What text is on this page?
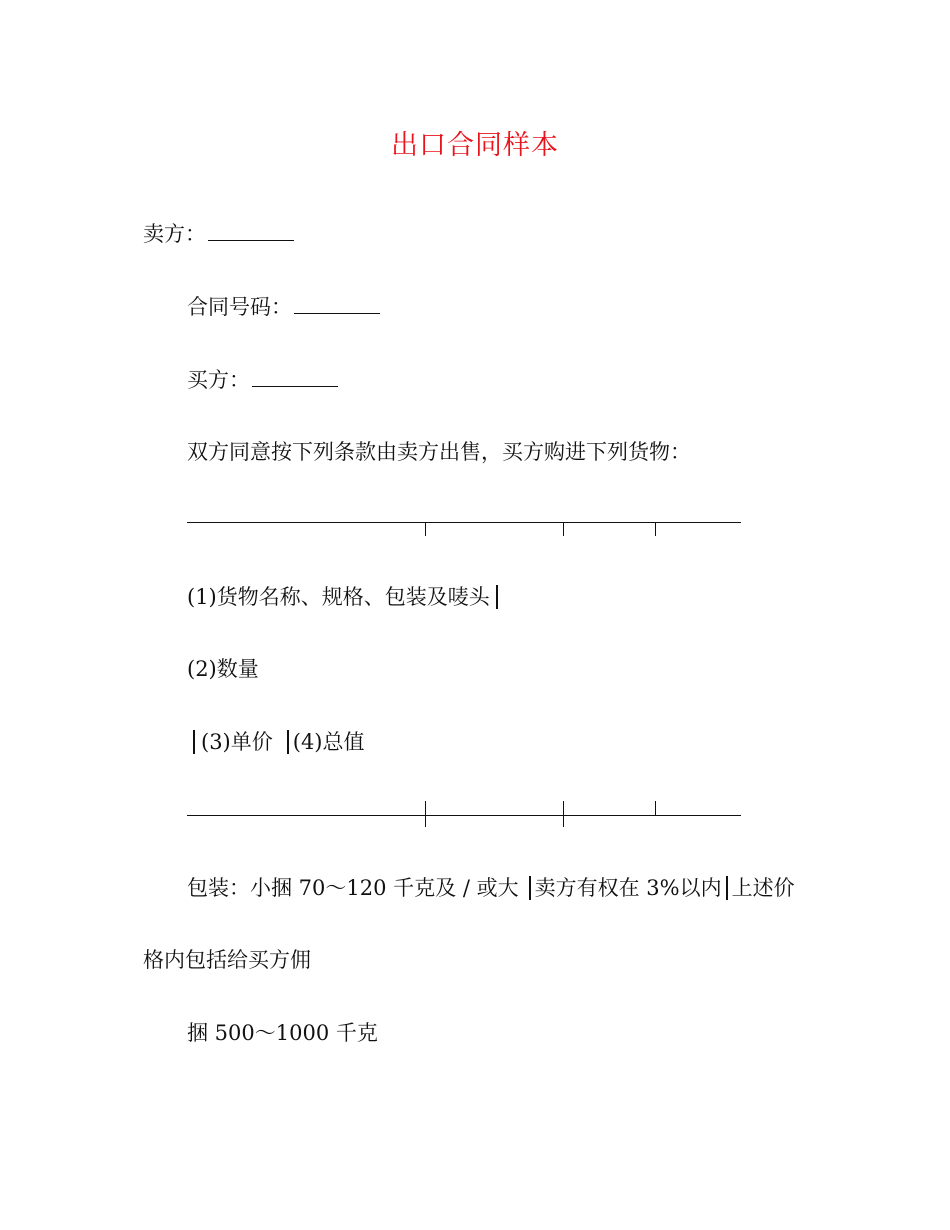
出口合同样本
卖方：
合同号码：
买方：
双方同意按下列条款由卖方出售，买方购进下列货物：
(1)货物名称、规格、包装及唛头
(2)数量
(3)单价 (4)总值
包装：小捆 70～120 千克及 / 或大 卖方有权在 3%以内 上述价
格内包括给买方佣
捆 500～1000 千克
